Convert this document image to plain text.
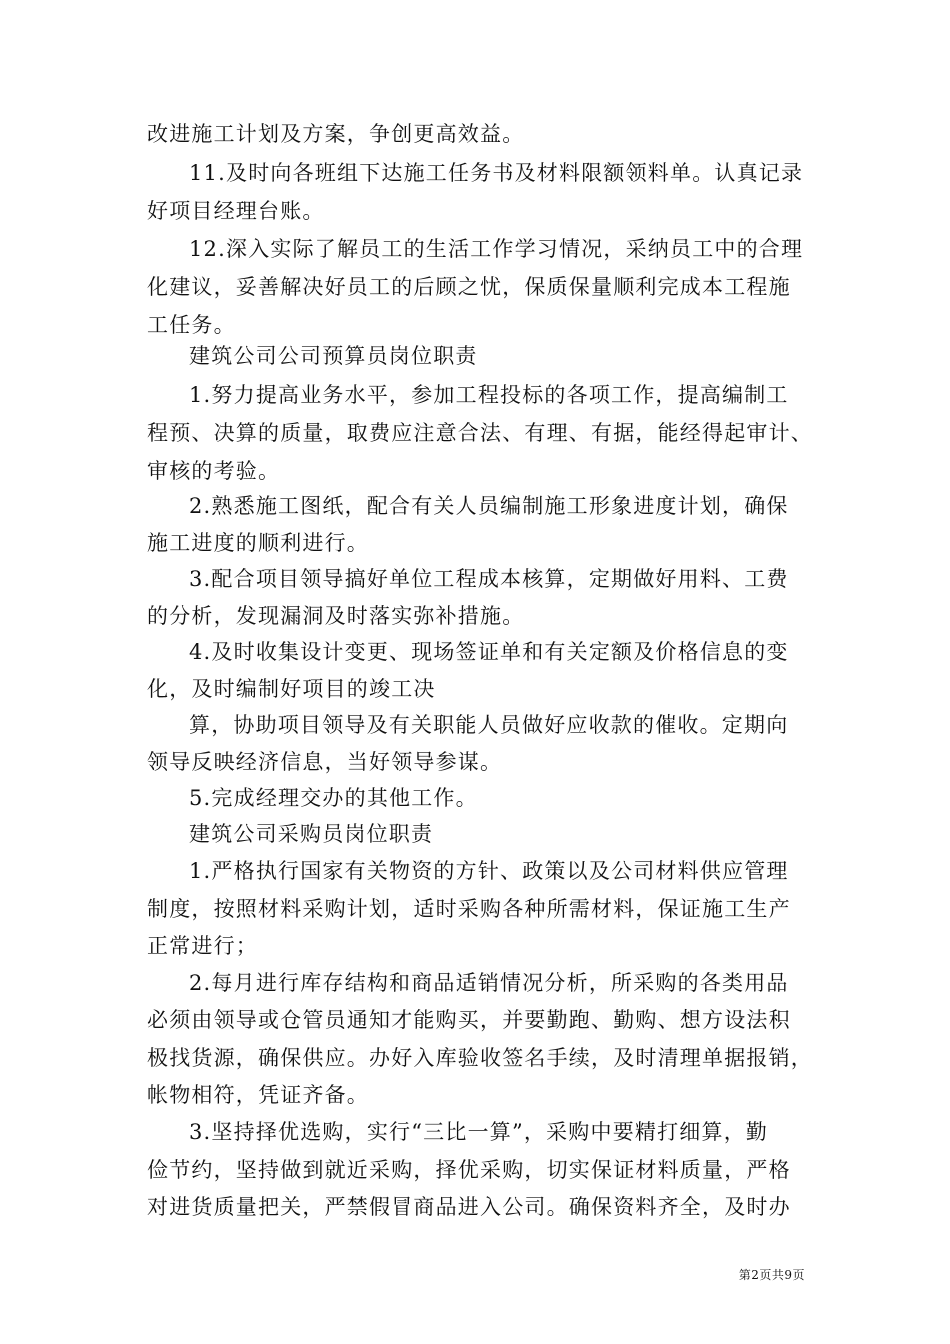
改进施工计划及方案，争创更高效益。
11.及时向各班组下达施工任务书及材料限额领料单。认真记录
好项目经理台账。
12.深入实际了解员工的生活工作学习情况，采纳员工中的合理
化建议，妥善解决好员工的后顾之忧，保质保量顺利完成本工程施
工任务。
建筑公司公司预算员岗位职责
1.努力提高业务水平，参加工程投标的各项工作，提高编制工
程预、决算的质量，取费应注意合法、有理、有据，能经得起审计、
审核的考验。
2.熟悉施工图纸，配合有关人员编制施工形象进度计划，确保
施工进度的顺利进行。
3.配合项目领导搞好单位工程成本核算，定期做好用料、工费
的分析，发现漏洞及时落实弥补措施。
4.及时收集设计变更、现场签证单和有关定额及价格信息的变
化，及时编制好项目的竣工决
算，协助项目领导及有关职能人员做好应收款的催收。定期向
领导反映经济信息，当好领导参谋。
5.完成经理交办的其他工作。
建筑公司采购员岗位职责
1.严格执行国家有关物资的方针、政策以及公司材料供应管理
制度，按照材料采购计划，适时采购各种所需材料，保证施工生产
正常进行；
2.每月进行库存结构和商品适销情况分析，所采购的各类用品
必须由领导或仓管员通知才能购买，并要勤跑、勤购、想方设法积
极找货源，确保供应。办好入库验收签名手续，及时清理单据报销，
帐物相符，凭证齐备。
3.坚持择优选购，实行“三比一算”，采购中要精打细算，勤
俭节约，坚持做到就近采购，择优采购，切实保证材料质量，严格
对进货质量把关，严禁假冒商品进入公司。确保资料齐全，及时办
第2页共9页
